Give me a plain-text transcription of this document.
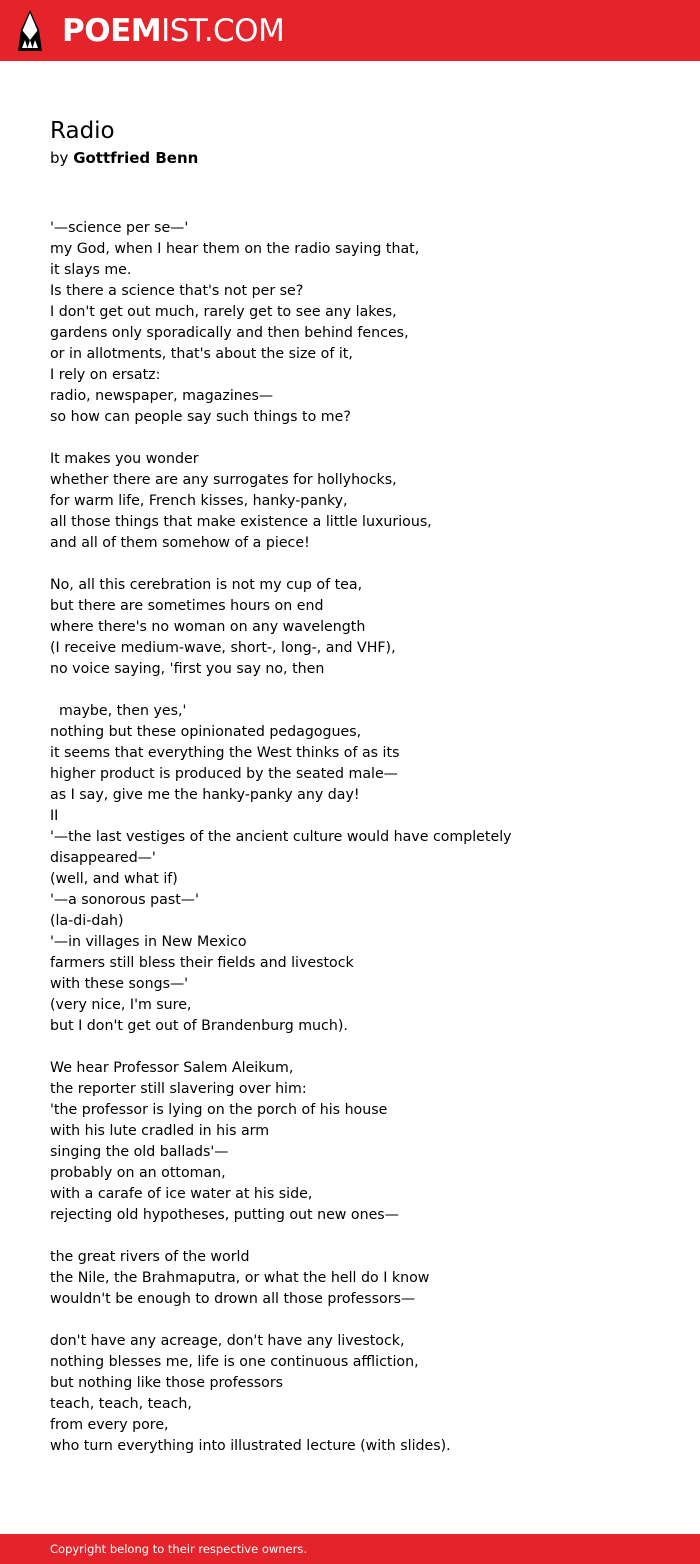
POEMIST.COM
Radio
by Gottfried Benn
'—science per se—'
my God, when I hear them on the radio saying that,
it slays me.
Is there a science that's not per se?
I don't get out much, rarely get to see any lakes,
gardens only sporadically and then behind fences,
or in allotments, that's about the size of it,
I rely on ersatz:
radio, newspaper, magazines—
so how can people say such things to me?
It makes you wonder
whether there are any surrogates for hollyhocks,
for warm life, French kisses, hanky-panky,
all those things that make existence a little luxurious,
and all of them somehow of a piece!
No, all this cerebration is not my cup of tea,
but there are sometimes hours on end
where there's no woman on any wavelength
(I receive medium-wave, short-, long-, and VHF),
no voice saying, 'first you say no, then
maybe, then yes,'
nothing but these opinionated pedagogues,
it seems that everything the West thinks of as its
higher product is produced by the seated male—
as I say, give me the hanky-panky any day!
II
'—the last vestiges of the ancient culture would have completely
disappeared—'
(well, and what if)
'—a sonorous past—'
(la-di-dah)
'—in villages in New Mexico
farmers still bless their fields and livestock
with these songs—'
(very nice, I'm sure,
but I don't get out of Brandenburg much).
We hear Professor Salem Aleikum,
the reporter still slavering over him:
'the professor is lying on the porch of his house
with his lute cradled in his arm
singing the old ballads'—
probably on an ottoman,
with a carafe of ice water at his side,
rejecting old hypotheses, putting out new ones—
the great rivers of the world
the Nile, the Brahmaputra, or what the hell do I know
wouldn't be enough to drown all those professors—
don't have any acreage, don't have any livestock,
nothing blesses me, life is one continuous affliction,
but nothing like those professors
teach, teach, teach,
from every pore,
who turn everything into illustrated lecture (with slides).
Copyright belong to their respective owners.
